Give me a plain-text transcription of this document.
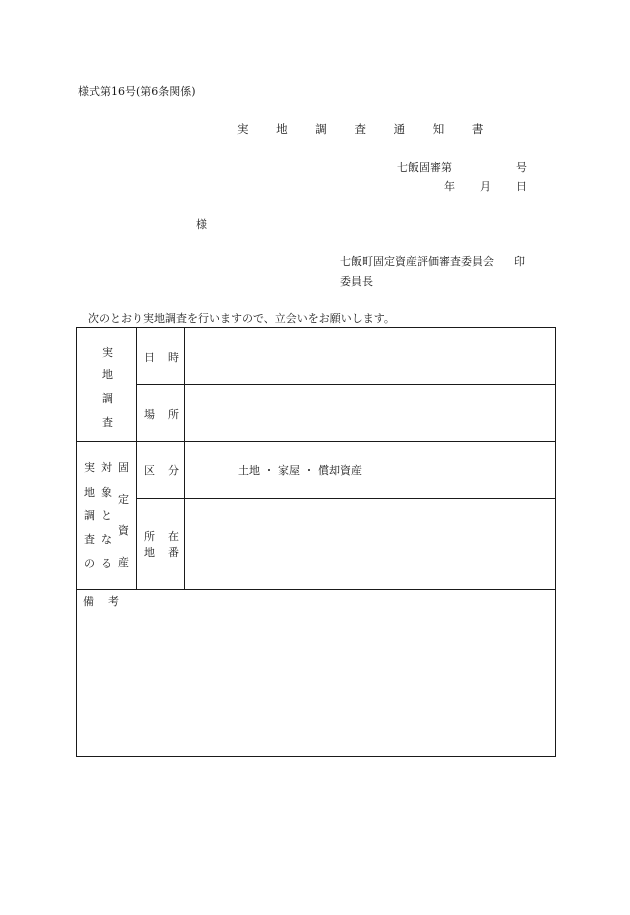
様式第16号(第6条関係)
実 地 調 査 通 知 書
七飯固審第	号
年 月 日
様
七飯町固定資産評価審査委員会 印
委員長
次のとおり実地調査を行いますので、立会いをお願いします。
実
地
調
査
日 時
場 所
実
地
調
査
の
対
象
と
な
る
固
定
資
産
区 分	土地 ・ 家屋 ・ 償却資産
所 在
地 番
備 考
